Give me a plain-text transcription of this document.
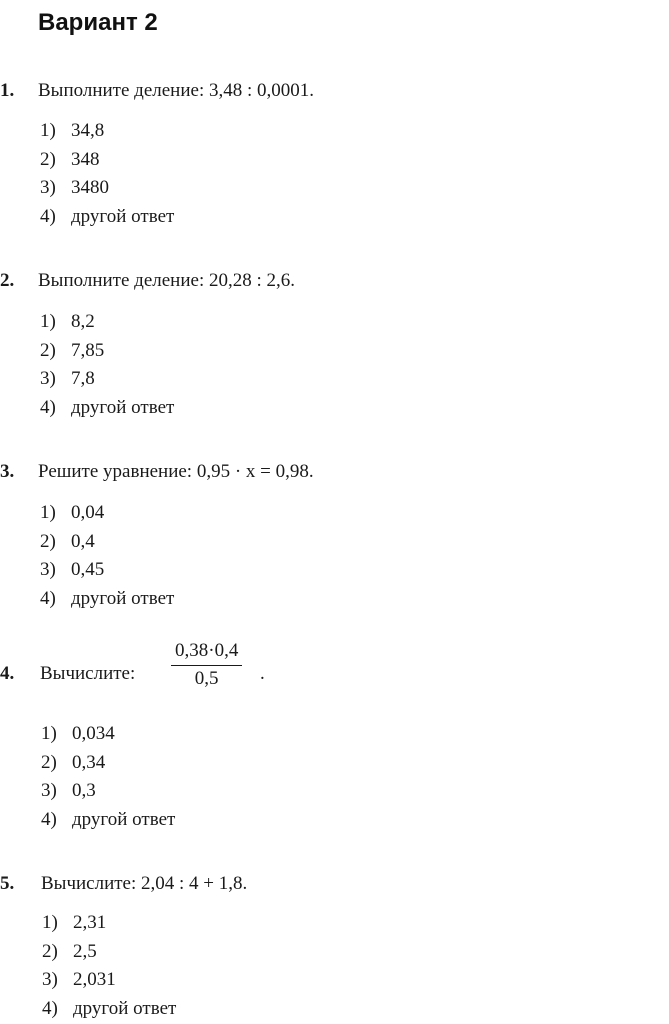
Вариант 2
1. Выполните деление: 3,48 : 0,0001.
1) 34,8
2) 348
3) 3480
4) другой ответ
2. Выполните деление: 20,28 : 2,6.
1) 8,2
2) 7,85
3) 7,8
4) другой ответ
3. Решите уравнение: 0,95 · x = 0,98.
1) 0,04
2) 0,4
3) 0,45
4) другой ответ
4. Вычислите: $\frac{0,38\cdot 0,4}{0,5}$ .
1) 0,034
2) 0,34
3) 0,3
4) другой ответ
5. Вычислите: 2,04 : 4 + 1,8.
1) 2,31
2) 2,5
3) 2,031
4) другой ответ
